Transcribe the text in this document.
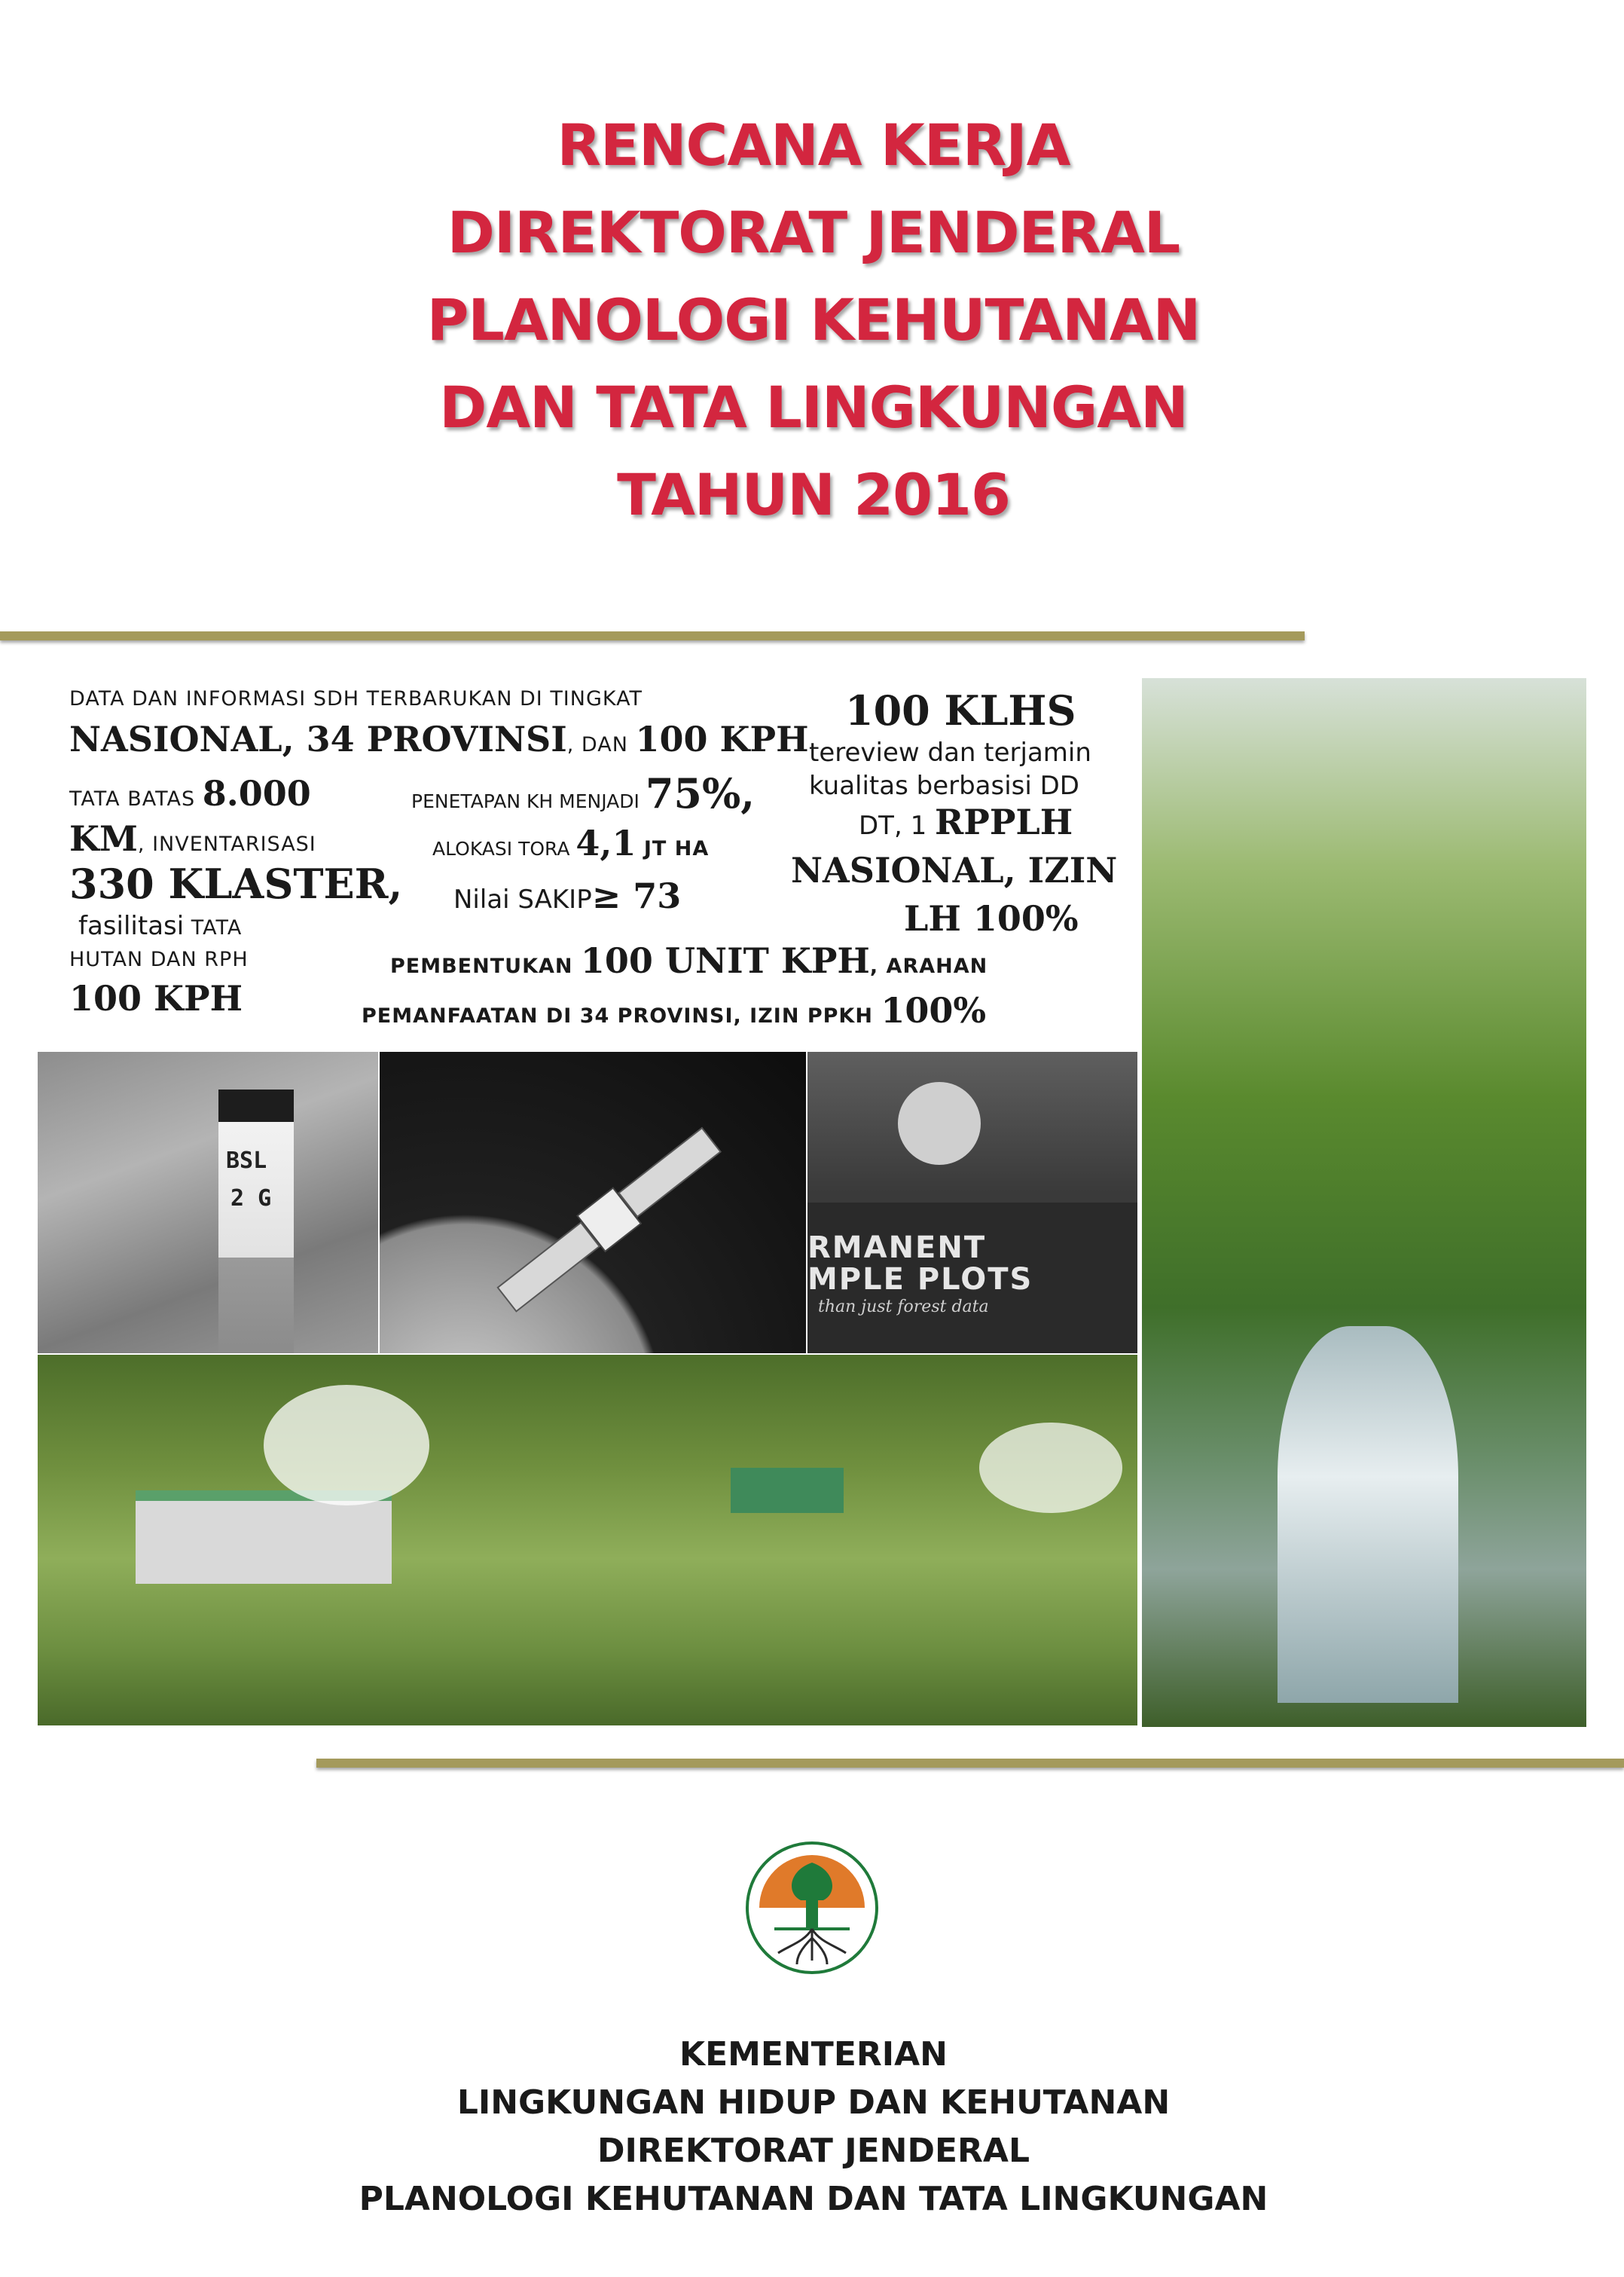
RENCANA KERJA
DIREKTORAT JENDERAL
PLANOLOGI KEHUTANAN
DAN TATA LINGKUNGAN
TAHUN 2016
DATA DAN INFORMASI SDH TERBARUKAN DI TINGKAT
NASIONAL, 34 PROVINSI, DAN 100 KPH
TATA BATAS 8.000
KM, INVENTARISASI
330 KLASTER,
fasilitasi TATA
HUTAN DAN RPH
100 KPH
PENETAPAN KH MENJADI 75%,
ALOKASI TORA 4,1 JT HA
Nilai SAKIP≥ 73
PEMBENTUKAN 100 UNIT KPH, ARAHAN
PEMANFAATAN DI 34 PROVINSI, IZIN PPKH 100%
100 KLHS
tereview dan terjamin
kualitas berbasisi DD
DT, 1 RPPLH
NASIONAL, IZIN
LH 100%
BSL
2 G
RMANENT
MPLE PLOTS
than just forest data
KEMENTERIAN
LINGKUNGAN HIDUP DAN KEHUTANAN
DIREKTORAT JENDERAL
PLANOLOGI KEHUTANAN DAN TATA LINGKUNGAN
